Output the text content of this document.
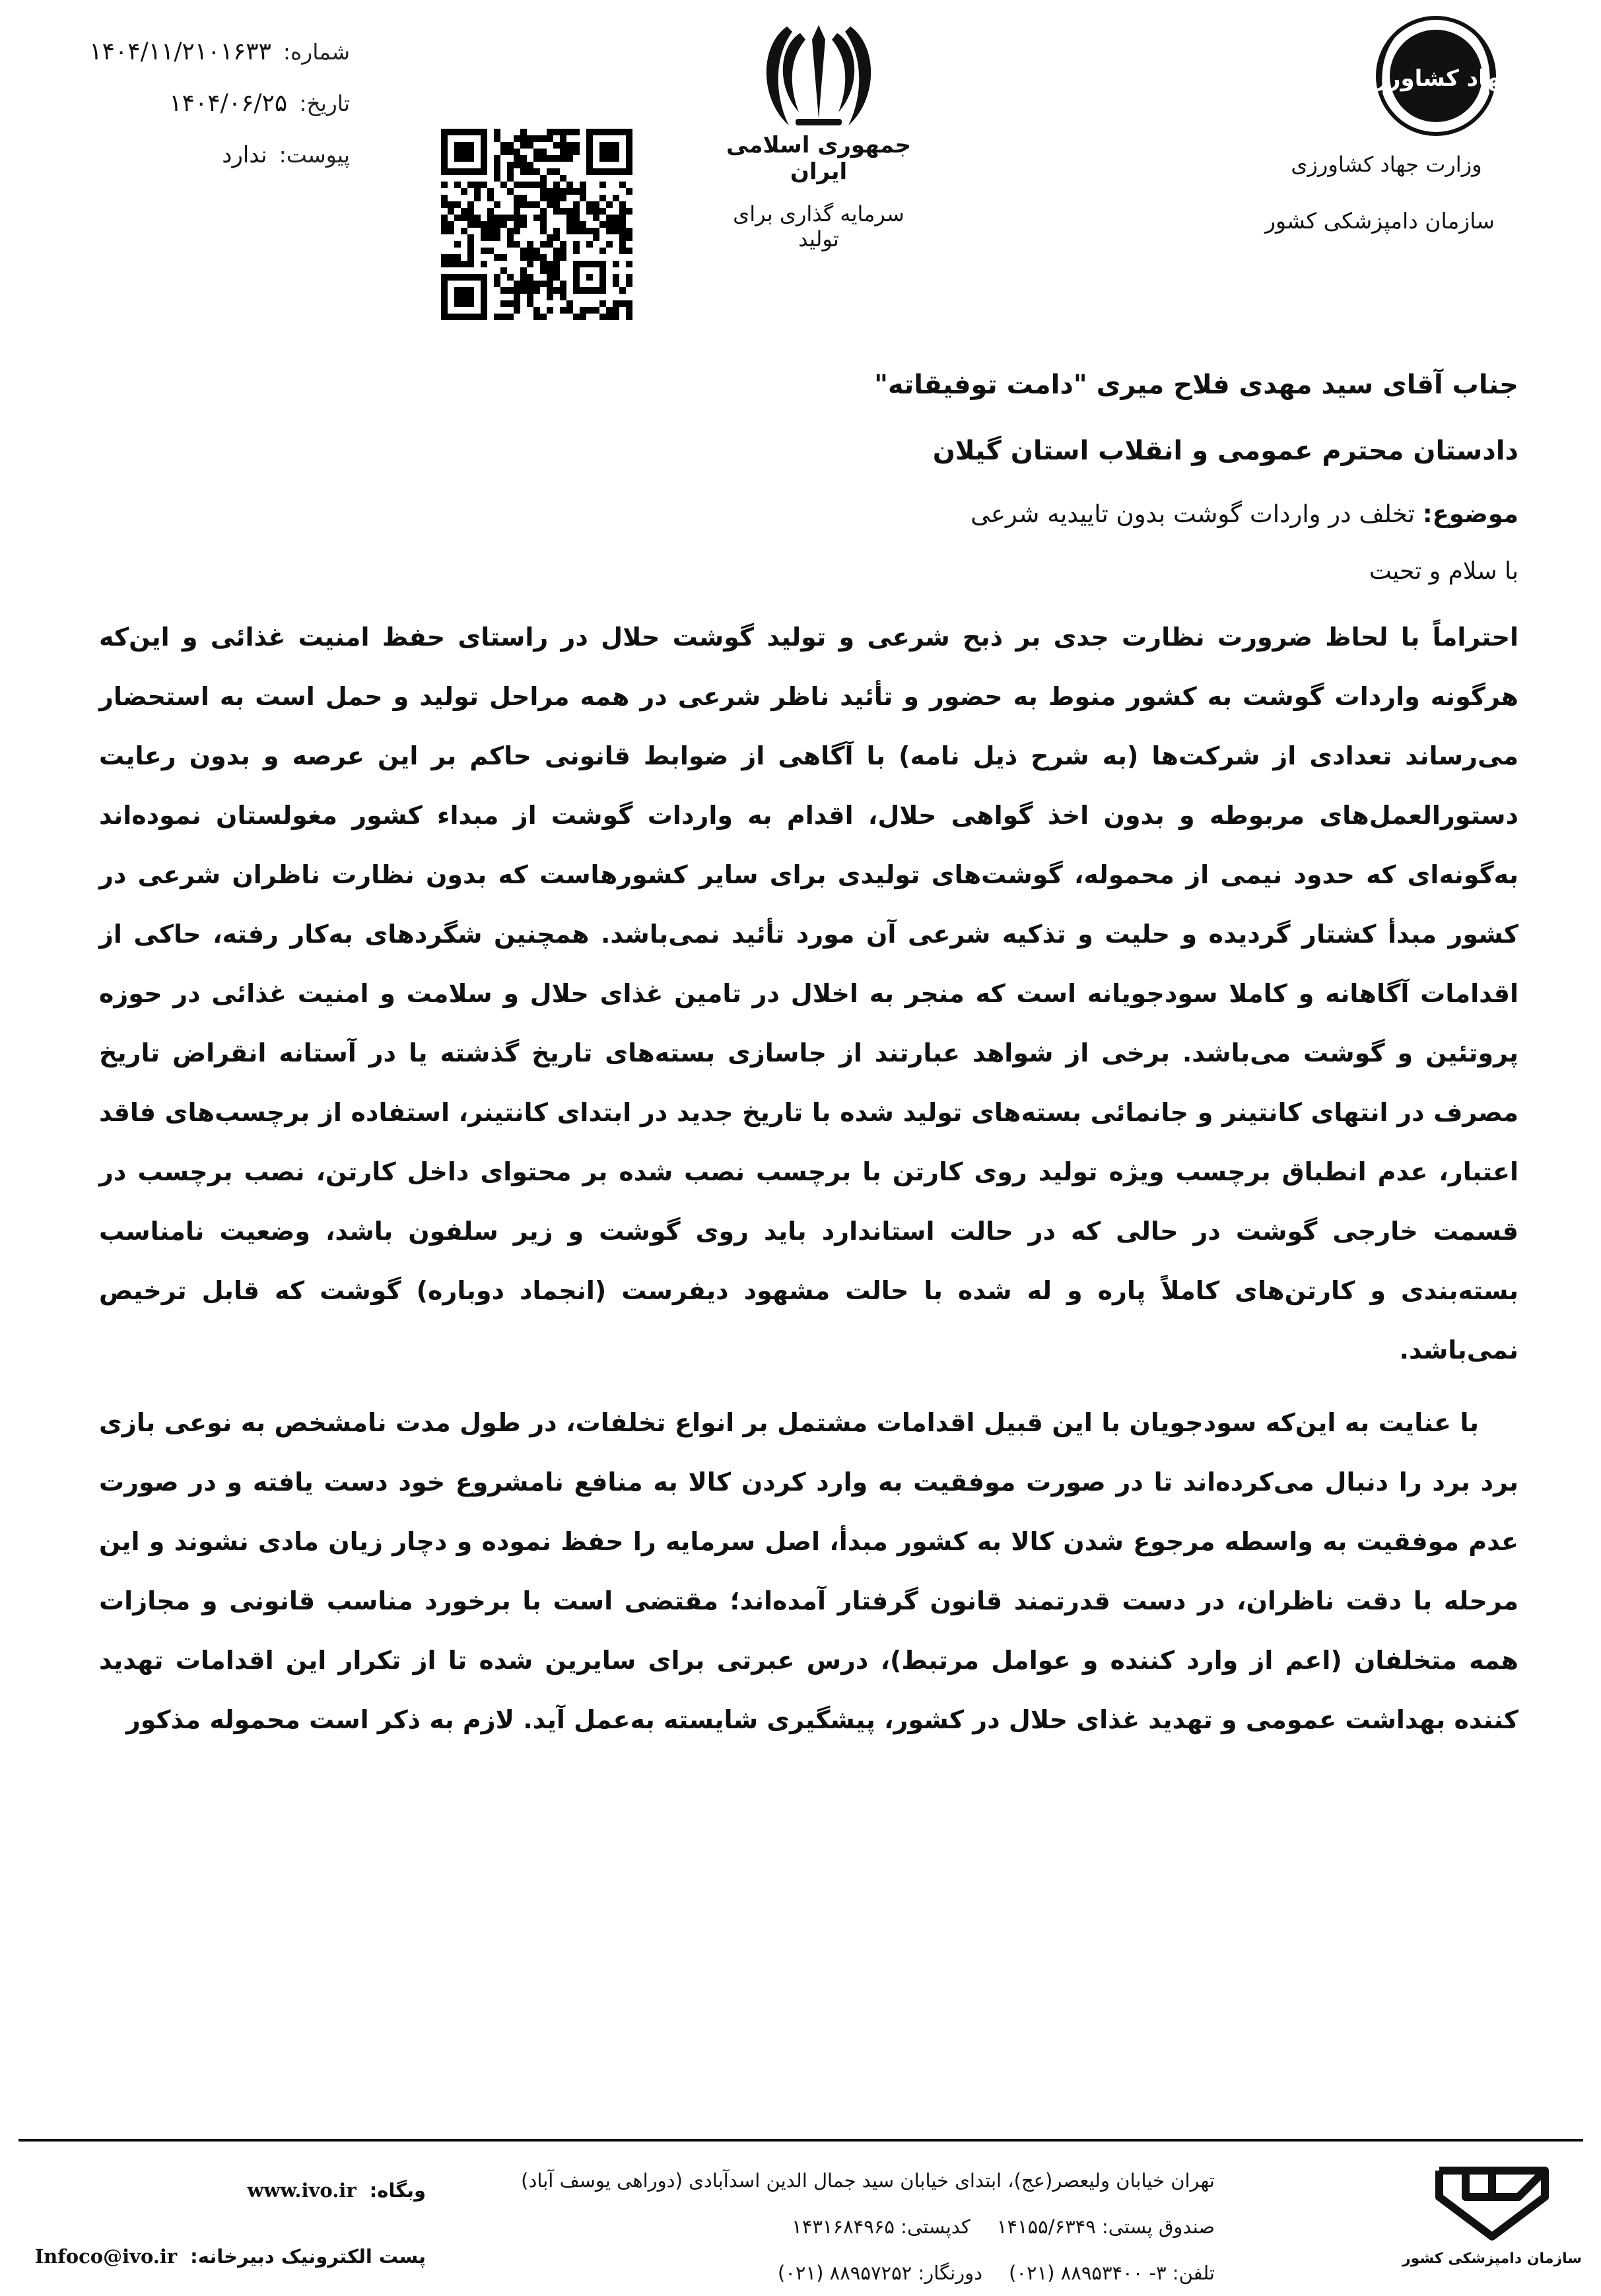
شماره:
۱۴۰۴/۱۱/۲۱۰۱۶۳۳
تاریخ:
۱۴۰۴/۰۶/۲۵
پیوست:
ندارد	جمهوری اسلامی ایران
سرمایه گذاری برای تولید
جهاد کشاورزی
وزارت جهاد کشاورزی
سازمان دامپزشکی کشور
جناب آقای سید مهدی فلاح میری "دامت توفیقاته"
دادستان محترم عمومی و انقلاب استان گیلان
موضوع: تخلف در واردات گوشت بدون تاییدیه شرعی
با سلام و تحیت

احتراماً با لحاظ ضرورت نظارت جدی بر ذبح شرعی و تولید گوشت حلال در راستای حفظ امنیت غذائی و این‌که هرگونه واردات گوشت به کشور منوط به حضور و تأئید ناظر شرعی در همه مراحل تولید و حمل است به استحضار می‌رساند تعدادی از شرکت‌ها (به شرح ذیل نامه) با آگاهی از ضوابط قانونی حاکم بر این عرصه و بدون رعایت دستورالعمل‌های مربوطه و بدون اخذ گواهی حلال، اقدام به واردات گوشت از مبداء کشور مغولستان نموده‌اند به‌گونه‌ای که حدود نیمی از محموله، گوشت‌های تولیدی برای سایر کشورهاست که بدون نظارت ناظران شرعی در کشور مبدأ کشتار گردیده و حلیت و تذکیه شرعی آن مورد تأئید نمی‌باشد. همچنین شگردهای به‌کار رفته، حاکی از اقدامات آگاهانه و کاملا سودجویانه است که منجر به اخلال در تامین غذای حلال و سلامت و امنیت غذائی در حوزه پروتئین و گوشت می‌باشد. برخی از شواهد عبارتند از جاسازی بسته‌های تاریخ گذشته یا در آستانه انقراض تاریخ مصرف در انتهای کانتینر و جانمائی بسته‌های تولید شده با تاریخ جدید در ابتدای کانتینر، استفاده از برچسب‌های فاقد اعتبار، عدم انطباق برچسب ویژه تولید روی کارتن با برچسب نصب شده بر محتوای داخل کارتن، نصب برچسب در قسمت خارجی گوشت در حالی که در حالت استاندارد باید روی گوشت و زیر سلفون باشد، وضعیت نامناسب بسته‌بندی و کارتن‌های کاملاً پاره و له شده با حالت مشهود دیفرست (انجماد دوباره) گوشت که قابل ترخیص نمی‌باشد.

با عنایت به این‌که سودجویان با این قبیل اقدامات مشتمل بر انواع تخلفات، در طول مدت نامشخص به نوعی بازی برد برد را دنبال می‌کرده‌اند تا در صورت موفقیت به وارد کردن کالا به منافع نامشروع خود دست یافته و در صورت عدم موفقیت به واسطه مرجوع شدن کالا به کشور مبدأ، اصل سرمایه را حفظ نموده و دچار زیان مادی نشوند و این مرحله با دقت ناظران، در دست قدرتمند قانون گرفتار آمده‌اند؛ مقتضی است با برخورد مناسب قانونی و مجازات همه متخلفان (اعم از وارد کننده و عوامل مرتبط)، درس عبرتی برای سایرین شده تا از تکرار این اقدامات تهدید کننده بهداشت عمومی و تهدید غذای حلال در کشور، پیشگیری شایسته به‌عمل آید. لازم به ذکر است محموله مذکور

سازمان دامپزشکی کشور
تهران خیابان ولیعصر(عج)، ابتدای خیابان سید جمال الدین اسدآبادی (دوراهی یوسف آباد)
صندوق پستی: ۱۴۱۵۵/۶۳۴۹
کدپستی: ۱۴۳۱۶۸۴۹۶۵
تلفن: ۳- ۸۸۹۵۳۴۰۰ (۰۲۱)
دورنگار: ۸۸۹۵۷۲۵۲ (۰۲۱)
وبگاه:
www.ivo.ir
پست الکترونیک دبیرخانه:
Infoco@ivo.ir
